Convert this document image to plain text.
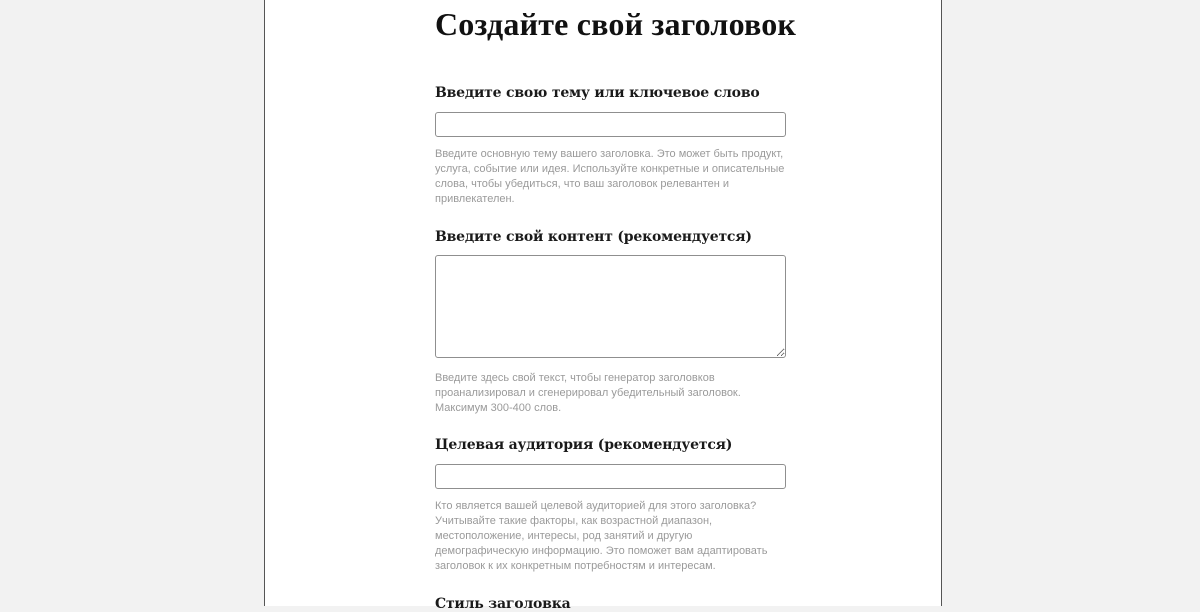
Создайте свой заголовок
Введите свою тему или ключевое слово

Введите основную тему вашего заголовка. Это может быть продукт, услуга, событие или идея. Используйте конкретные и описательные слова, чтобы убедиться, что ваш заголовок релевантен и привлекателен.

Введите свой контент (рекомендуется)

Введите здесь свой текст, чтобы генератор заголовков проанализировал и сгенерировал убедительный заголовок. Максимум 300-400 слов.

Целевая аудитория (рекомендуется)

Кто является вашей целевой аудиторией для этого заголовка? Учитывайте такие факторы, как возрастной диапазон, местоположение, интересы, род занятий и другую демографическую информацию. Это поможет вам адаптировать заголовок к их конкретным потребностям и интересам.

Стиль заголовка
